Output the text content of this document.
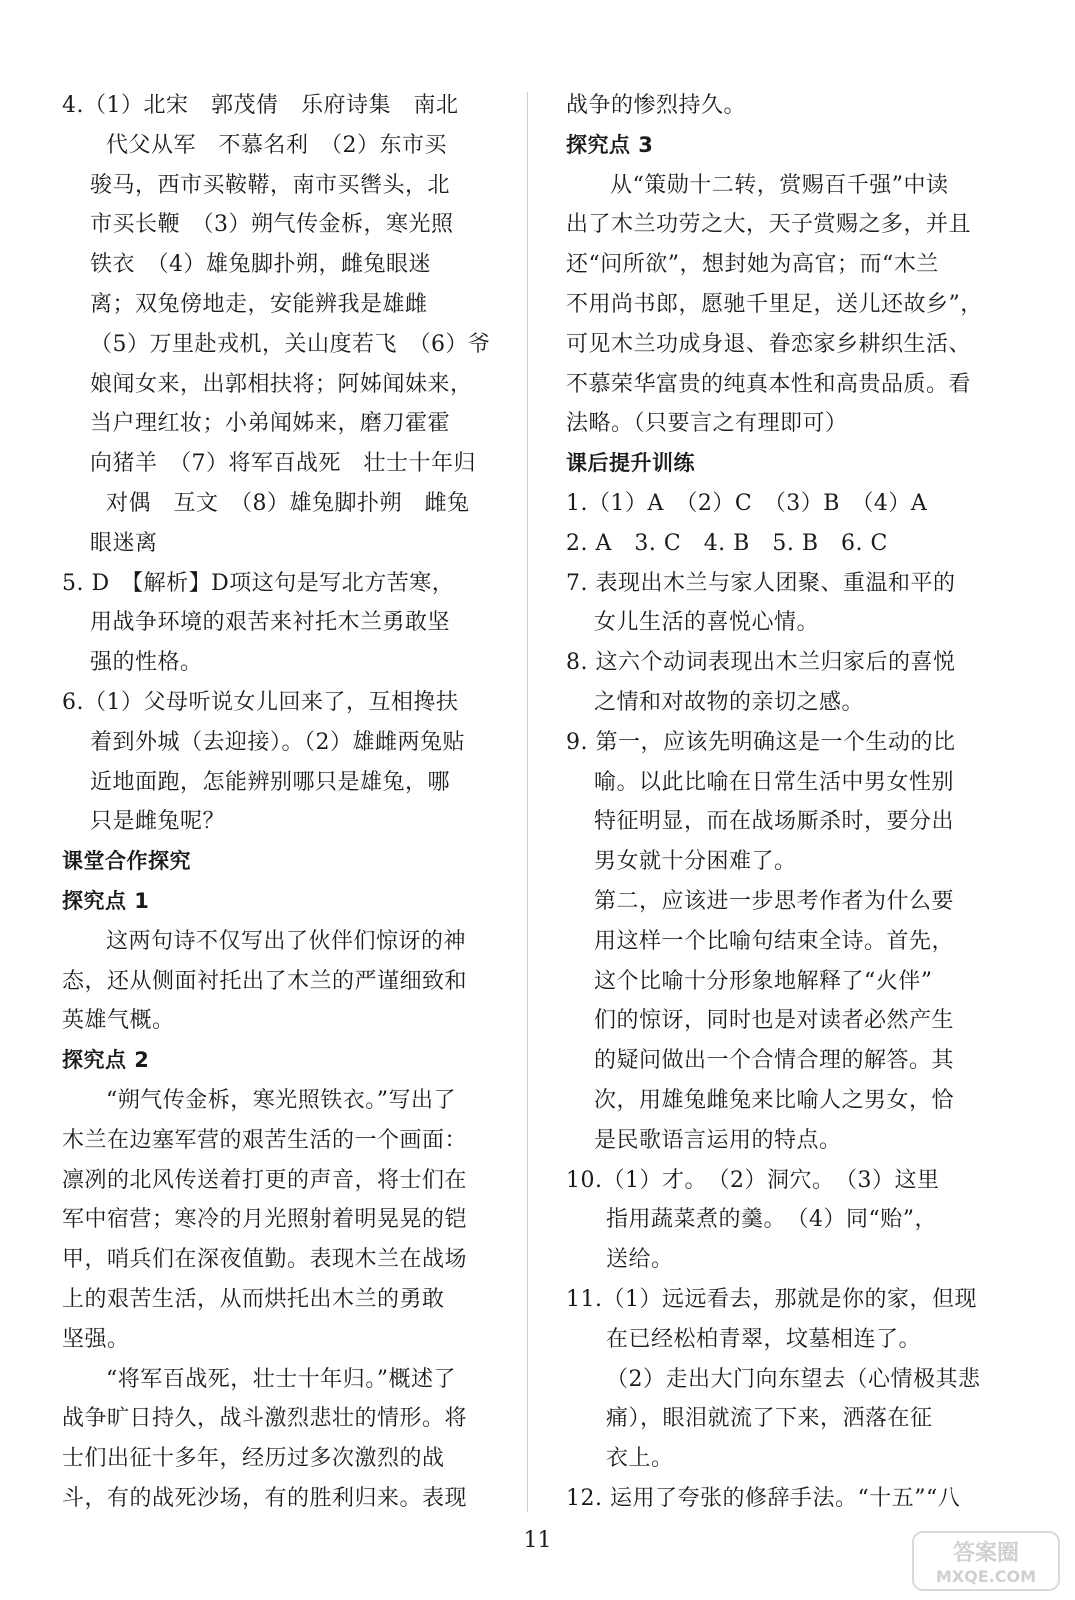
4.（1）北宋　郭茂倩　乐府诗集　南北
代父从军　不慕名利　（2）东市买
骏马，西市买鞍鞯，南市买辔头，北
市买长鞭　（3）朔气传金柝，寒光照
铁衣　（4）雄兔脚扑朔，雌兔眼迷
离；双兔傍地走，安能辨我是雄雌
（5）万里赴戎机，关山度若飞　（6）爷
娘闻女来，出郭相扶将；阿姊闻妹来，
当户理红妆；小弟闻姊来，磨刀霍霍
向猪羊　（7）将军百战死　壮士十年归
对偶　互文　（8）雄兔脚扑朔　雌兔
眼迷离
5. D　【解析】D项这句是写北方苦寒，
用战争环境的艰苦来衬托木兰勇敢坚
强的性格。
6.（1）父母听说女儿回来了，互相搀扶
着到外城（去迎接）。（2）雄雌两兔贴
近地面跑，怎能辨别哪只是雄兔，哪
只是雌兔呢？
课堂合作探究
探究点 1
这两句诗不仅写出了伙伴们惊讶的神
态，还从侧面衬托出了木兰的严谨细致和
英雄气概。
探究点 2
“朔气传金柝，寒光照铁衣。”写出了
木兰在边塞军营的艰苦生活的一个画面：
凛冽的北风传送着打更的声音，将士们在
军中宿营；寒冷的月光照射着明晃晃的铠
甲，哨兵们在深夜值勤。表现木兰在战场
上的艰苦生活，从而烘托出木兰的勇敢
坚强。
“将军百战死，壮士十年归。”概述了
战争旷日持久，战斗激烈悲壮的情形。将
士们出征十多年，经历过多次激烈的战
斗，有的战死沙场，有的胜利归来。表现
战争的惨烈持久。
探究点 3
从“策勋十二转，赏赐百千强”中读
出了木兰功劳之大，天子赏赐之多，并且
还“问所欲”，想封她为高官；而“木兰
不用尚书郎，愿驰千里足，送儿还故乡”，
可见木兰功成身退、眷恋家乡耕织生活、
不慕荣华富贵的纯真本性和高贵品质。看
法略。（只要言之有理即可）
课后提升训练
1.（1）A　（2）C　（3）B　（4）A
2. A　3. C　4. B　5. B　6. C
7. 表现出木兰与家人团聚、重温和平的
女儿生活的喜悦心情。
8. 这六个动词表现出木兰归家后的喜悦
之情和对故物的亲切之感。
9. 第一，应该先明确这是一个生动的比
喻。以此比喻在日常生活中男女性别
特征明显，而在战场厮杀时，要分出
男女就十分困难了。
第二，应该进一步思考作者为什么要
用这样一个比喻句结束全诗。首先，
这个比喻十分形象地解释了“火伴”
们的惊讶，同时也是对读者必然产生
的疑问做出一个合情合理的解答。其
次，用雄兔雌兔来比喻人之男女，恰
是民歌语言运用的特点。
10.（1）才。　（2）洞穴。　（3）这里
指用蔬菜煮的羹。　（4）同“贻”，
送给。
11.（1）远远看去，那就是你的家，但现
在已经松柏青翠，坟墓相连了。
（2）走出大门向东望去（心情极其悲
痛），眼泪就流了下来，洒落在征
衣上。
12. 运用了夸张的修辞手法。“十五”“八
11
答案圈
MXQE.COM
